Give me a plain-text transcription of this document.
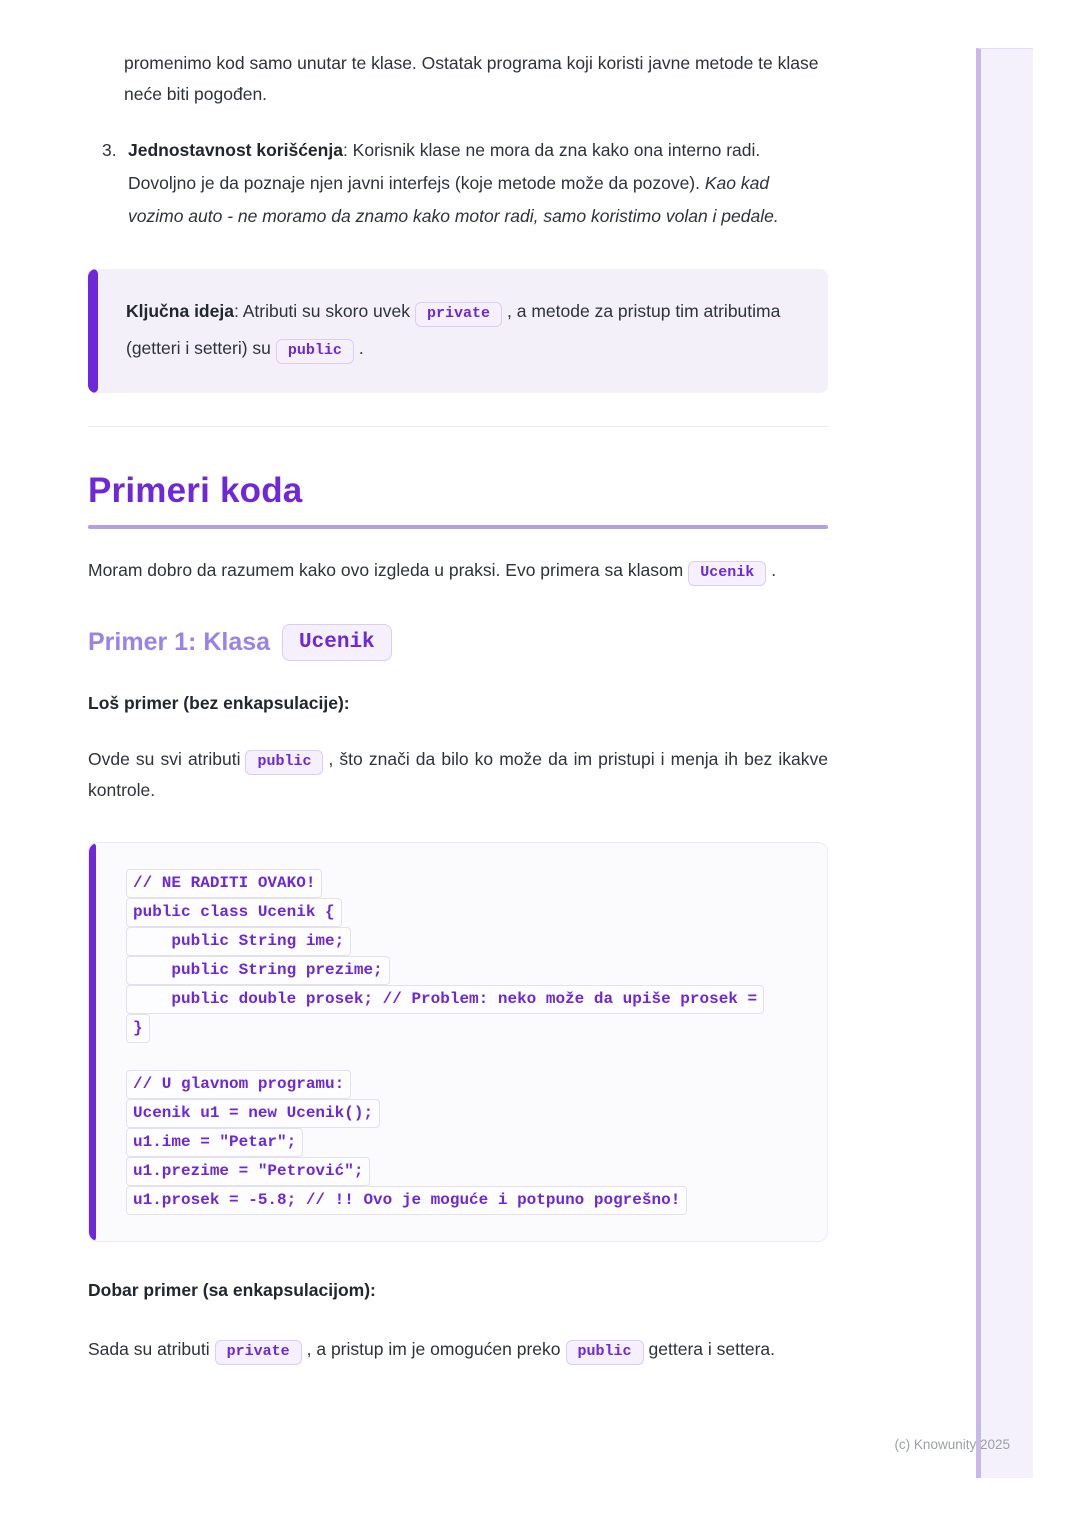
promenimo kod samo unutar te klase. Ostatak programa koji koristi javne metode te klase neće biti pogođen.

3. Jednostavnost korišćenja: Korisnik klase ne mora da zna kako ona interno radi. Dovoljno je da poznaje njen javni interfejs (koje metode može da pozove). Kao kad vozimo auto - ne moramo da znamo kako motor radi, samo koristimo volan i pedale.
Ključna ideja: Atributi su skoro uvek private , a metode za pristup tim atributima (getteri i setteri) su public .
Primeri koda

Moram dobro da razumem kako ovo izgleda u praksi. Evo primera sa klasom Ucenik .

Primer 1: Klasa	Ucenik

Loš primer (bez enkapsulacije):

Ovde su svi atributi public , što znači da bilo ko može da im pristupi i menja ih bez ikakve kontrole.

// NE RADITI OVAKO!
public class Ucenik {
public String ime;
public String prezime;
public double prosek; // Problem: neko može da upiše prosek =
}

// U glavnom programu:
Ucenik u1 = new Ucenik();
u1.ime = "Petar";
u1.prezime = "Petrović";
u1.prosek = -5.8; // !! Ovo je moguće i potpuno pogrešno!

Dobar primer (sa enkapsulacijom):

Sada su atributi private , a pristup im je omogućen preko public gettera i settera.

(c) Knowunity 2025
